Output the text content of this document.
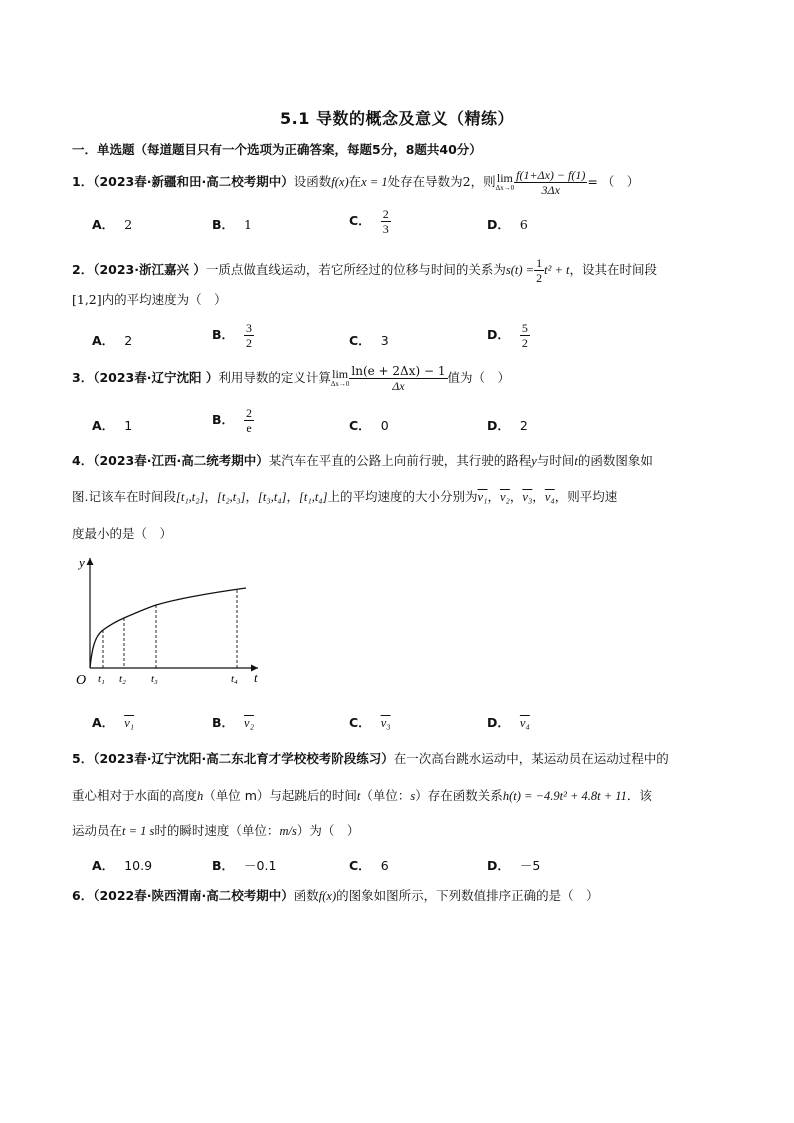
5.1 导数的概念及意义（精练）
一．单选题（每道题目只有一个选项为正确答案，每题5分，8题共40分）
1．（2023春·新疆和田·高二校考期中）设函数f(x)在x = 1处存在导数为2，则 lim
$\Delta x\to 0 \frac{f(1+\Delta x) - f(1)}{3\Delta x}$ = （　）
A． 2	B． 1	C． $\frac{2}{3}$	D． 6
2．（2023·浙江嘉兴 ）一质点做直线运动，若它所经过的位移与时间的关系为$s(t) = \frac{1}{2} t^2 + t$，设其在时间段
[1,2]内的平均速度为（　）
A． 2	B． $\frac{3}{2}$	C． 3	D． $\frac{5}{2}$
3．（2023春·辽宁沈阳 ）利用导数的定义计算 lim
$\Delta x\to 0 \frac{\ln(e + 2\Delta x) - 1}{\Delta x}$ 值为（　）
A． 1	B． $\frac{2}{e}$	C． 0	D． 2
4．（2023春·江西·高二统考期中）某汽车在平直的公路上向前行驶，其行驶的路程y与时间t的函数图象如
图.记该车在时间段[t₁,t₂]，[t₂,t₃]，[t₃,t₄]，[t₁,t₄]上的平均速度的大小分别为v₁，v₂，v₃，v₄，则平均速
度最小的是（　）
y
t
O t₁ t₂ t₃	t₄
A． v₁	B． v₂	C． v₃	D． v₄
5．（2023春·辽宁沈阳·高二东北育才学校校考阶段练习）在一次高台跳水运动中，某运动员在运动过程中的
重心相对于水面的高度h（单位 m）与起跳后的时间t（单位：s）存在函数关系h(t) = −4.9t² + 4.8t + 11．该
运动员在t = 1 s时的瞬时速度（单位：m/s）为（　）
A． 10.9	B． －0.1	C． 6	D． －5
6．（2022春·陕西渭南·高二校考期中）函数f(x)的图象如图所示，下列数值排序正确的是（　）
